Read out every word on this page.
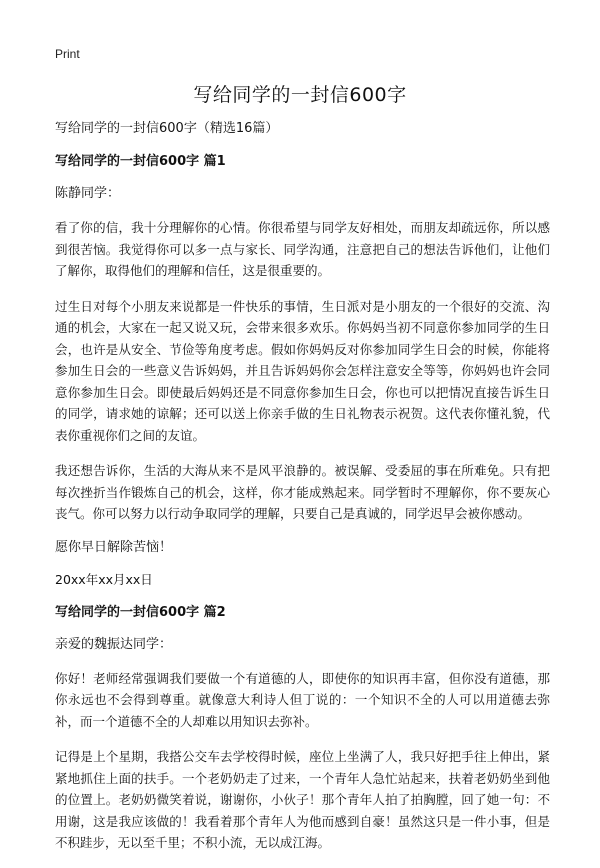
Print
写给同学的一封信600字
写给同学的一封信600字（精选16篇）
写给同学的一封信600字 篇1
陈静同学：

看了你的信，我十分理解你的心情。你很希望与同学友好相处，而朋友却疏远你，所以感到很苦恼。我觉得你可以多一点与家长、同学沟通，注意把自己的想法告诉他们，让他们了解你，取得他们的理解和信任，这是很重要的。

过生日对每个小朋友来说都是一件快乐的事情，生日派对是小朋友的一个很好的交流、沟通的机会，大家在一起又说又玩，会带来很多欢乐。你妈妈当初不同意你参加同学的生日会，也许是从安全、节俭等角度考虑。假如你妈妈反对你参加同学生日会的时候，你能将参加生日会的一些意义告诉妈妈，并且告诉妈妈你会怎样注意安全等等，你妈妈也许会同意你参加生日会。即使最后妈妈还是不同意你参加生日会，你也可以把情况直接告诉生日的同学，请求她的谅解；还可以送上你亲手做的生日礼物表示祝贺。这代表你懂礼貌，代表你重视你们之间的友谊。

我还想告诉你，生活的大海从来不是风平浪静的。被误解、受委屈的事在所难免。只有把每次挫折当作锻炼自己的机会，这样，你才能成熟起来。同学暂时不理解你，你不要灰心丧气。你可以努力以行动争取同学的理解，只要自己是真诚的，同学迟早会被你感动。

愿你早日解除苦恼！
20xx年xx月xx日
写给同学的一封信600字 篇2
亲爱的魏振达同学：

你好！老师经常强调我们要做一个有道德的人，即使你的知识再丰富，但你没有道德，那你永远也不会得到尊重。就像意大利诗人但丁说的：一个知识不全的人可以用道德去弥补，而一个道德不全的人却难以用知识去弥补。

记得是上个星期，我搭公交车去学校得时候，座位上坐满了人，我只好把手往上伸出，紧紧地抓住上面的扶手。一个老奶奶走了过来，一个青年人急忙站起来，扶着老奶奶坐到他的位置上。老奶奶微笑着说，谢谢你，小伙子！那个青年人拍了拍胸膛，回了她一句：不用谢，这是我应该做的！我看着那个青年人为他而感到自豪！虽然这只是一件小事，但是不积跬步，无以至千里；不积小流，无以成江海。
